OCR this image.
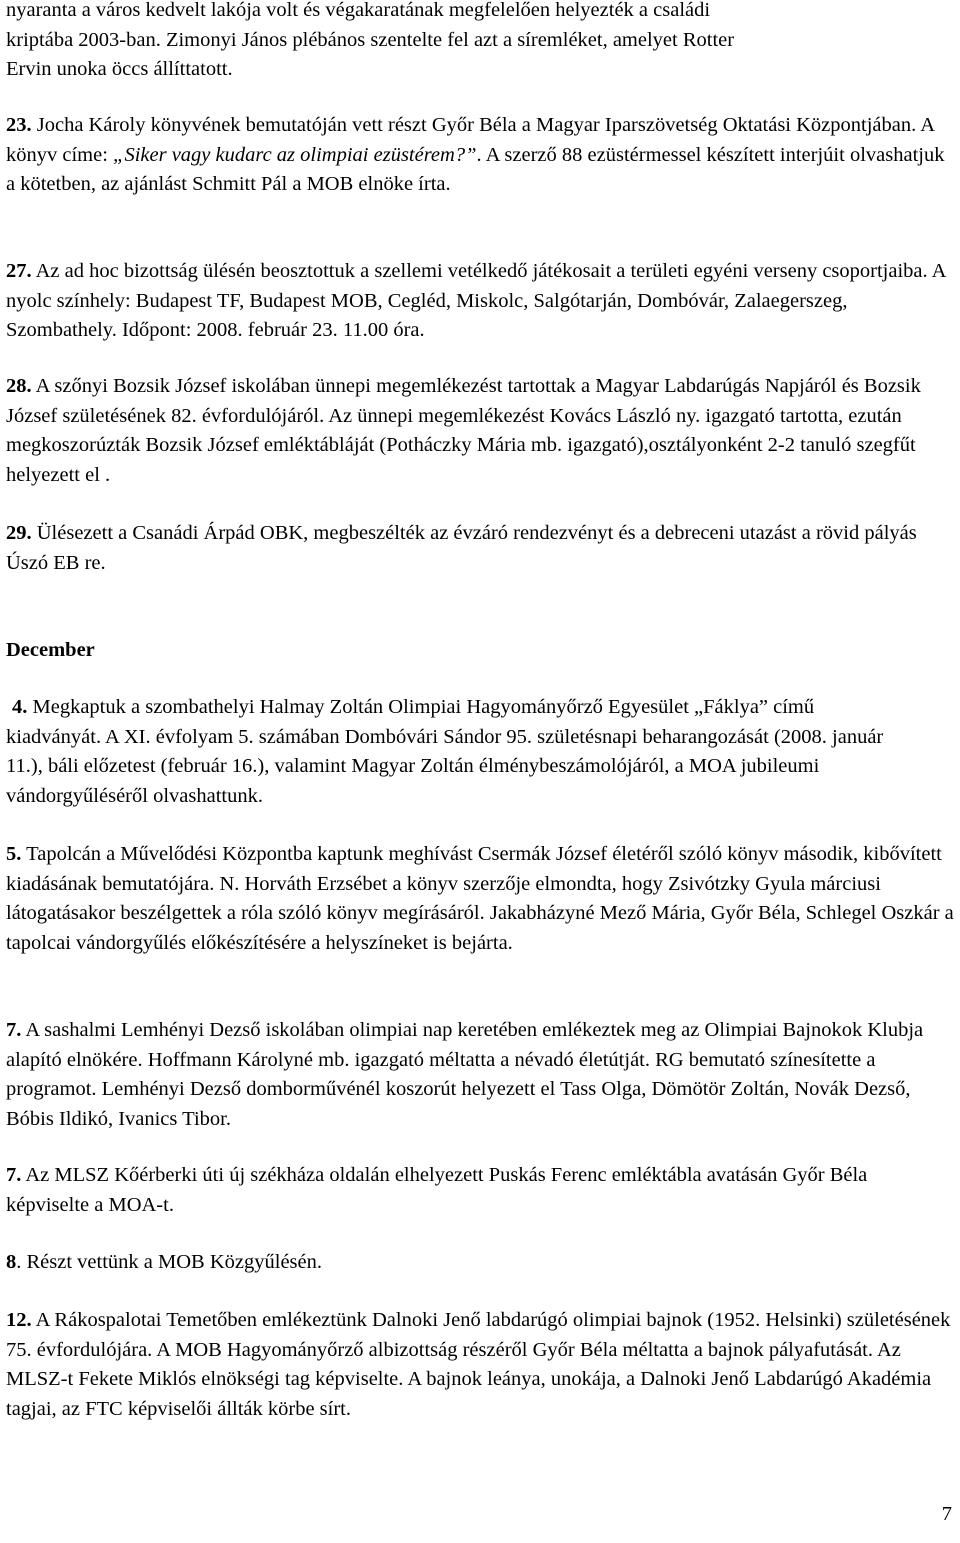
nyaranta a város kedvelt lakója volt és végakaratának megfelelően helyezték a családi
kriptába 2003-ban. Zimonyi János plébános szentelte fel azt a síremléket, amelyet Rotter
Ervin unoka öccs állíttatott.

23. Jocha Károly könyvének bemutatóján vett részt Győr Béla a Magyar Iparszövetség Oktatási Központjában. A könyv címe: „Siker vagy kudarc az olimpiai ezüstérem?”. A szerző 88 ezüstérmessel készített interjúit olvashatjuk a kötetben, az ajánlást Schmitt Pál a MOB elnöke írta.

27. Az ad hoc bizottság ülésén beosztottuk a szellemi vetélkedő játékosait a területi egyéni verseny csoportjaiba. A nyolc színhely: Budapest TF, Budapest MOB, Cegléd, Miskolc, Salgótarján, Dombóvár, Zalaegerszeg, Szombathely. Időpont: 2008. február 23. 11.00 óra.

28. A szőnyi Bozsik József iskolában ünnepi megemlékezést tartottak a Magyar Labdarúgás Napjáról és Bozsik József születésének 82. évfordulójáról. Az ünnepi megemlékezést Kovács László ny. igazgató tartotta, ezután megkoszorúzták Bozsik József emléktábláját (Potháczky Mária mb. igazgató),osztályonként 2-2 tanuló szegfűt helyezett el .

29. Ülésezett a Csanádi Árpád OBK, megbeszélték az évzáró rendezvényt és a debreceni utazást a rövid pályás Úszó EB re.

December

4. Megkaptuk a szombathelyi Halmay Zoltán Olimpiai Hagyományőrző Egyesület „Fáklya” című kiadványát. A XI. évfolyam 5. számában Dombóvári Sándor 95. születésnapi beharangozását (2008. január 11.), báli előzetest (február 16.), valamint Magyar Zoltán élménybeszámolójáról, a MOA jubileumi vándorgyűléséről olvashattunk.

5. Tapolcán a Művelődési Központba kaptunk meghívást Csermák József életéről szóló könyv második, kibővített kiadásának bemutatójára. N. Horváth Erzsébet a könyv szerzője elmondta, hogy Zsivótzky Gyula márciusi látogatásakor beszélgettek a róla szóló könyv megírásáról. Jakabházyné Mező Mária, Győr Béla, Schlegel Oszkár a tapolcai vándorgyűlés előkészítésére a helyszíneket is bejárta.

7. A sashalmi Lemhényi Dezső iskolában olimpiai nap keretében emlékeztek meg az Olimpiai Bajnokok Klubja alapító elnökére. Hoffmann Károlyné mb. igazgató méltatta a névadó életútját. RG bemutató színesítette a programot. Lemhényi Dezső domborművénél koszorút helyezett el Tass Olga, Dömötör Zoltán, Novák Dezső, Bóbis Ildikó, Ivanics Tibor.

7. Az MLSZ Kőérberki úti új székháza oldalán elhelyezett Puskás Ferenc emléktábla avatásán Győr Béla képviselte a MOA-t.

8. Részt vettünk a MOB Közgyűlésén.

12. A Rákospalotai Temetőben emlékeztünk Dalnoki Jenő labdarúgó olimpiai bajnok (1952. Helsinki) születésének 75. évfordulójára. A MOB Hagyományőrző albizottság részéről Győr Béla méltatta a bajnok pályafutását. Az MLSZ-t Fekete Miklós elnökségi tag képviselte. A bajnok leánya, unokája, a Dalnoki Jenő Labdarúgó Akadémia tagjai, az FTC képviselői állták körbe sírt.

7
